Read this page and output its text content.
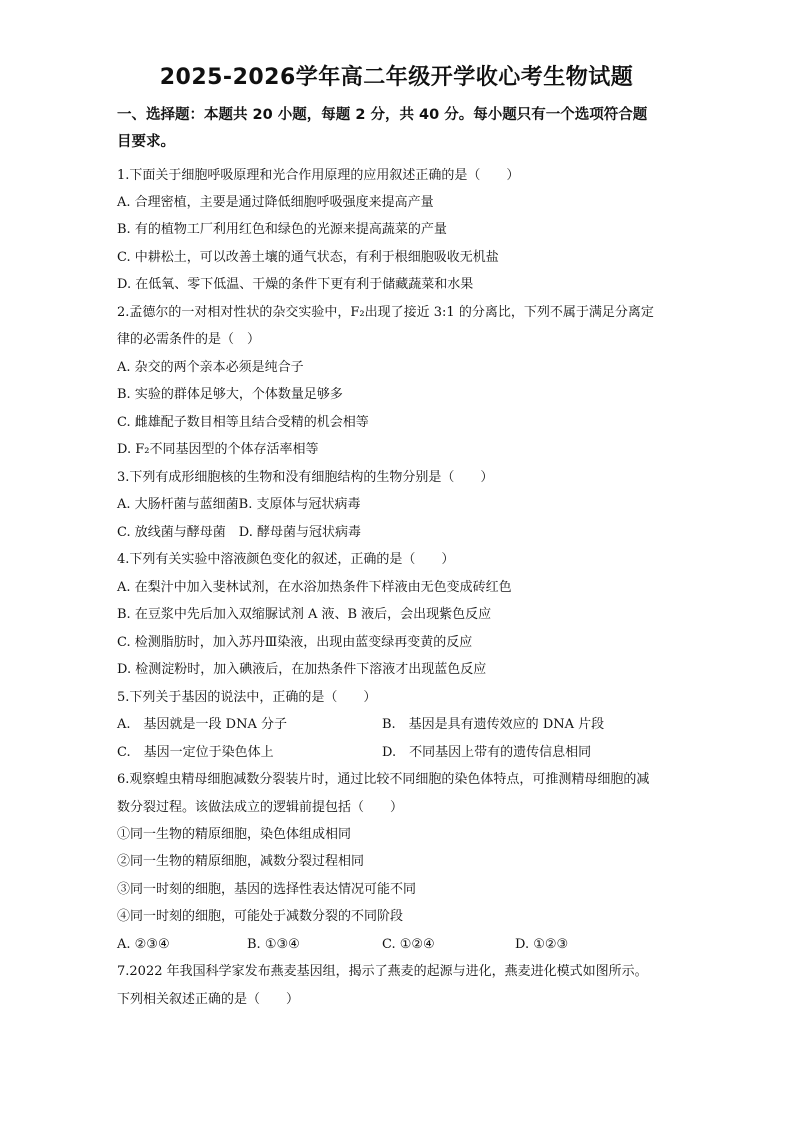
2025-2026学年高二年级开学收心考生物试题
一、选择题：本题共 20 小题，每题 2 分，共 40 分。每小题只有一个选项符合题
目要求。
1.下面关于细胞呼吸原理和光合作用原理的应用叙述正确的是（　　）
A. 合理密植，主要是通过降低细胞呼吸强度来提高产量
B. 有的植物工厂利用红色和绿色的光源来提高蔬菜的产量
C. 中耕松土，可以改善土壤的通气状态，有利于根细胞吸收无机盐
D. 在低氧、零下低温、干燥的条件下更有利于储藏蔬菜和水果
2.孟德尔的一对相对性状的杂交实验中，F₂出现了接近 3:1 的分离比，下列不属于满足分离定
律的必需条件的是（　）
A. 杂交的两个亲本必须是纯合子
B. 实验的群体足够大，个体数量足够多
C. 雌雄配子数目相等且结合受精的机会相等
D. F₂不同基因型的个体存活率相等
3.下列有成形细胞核的生物和没有细胞结构的生物分别是（　　）
A. 大肠杆菌与蓝细菌B. 支原体与冠状病毒
C. 放线菌与酵母菌　D. 酵母菌与冠状病毒
4.下列有关实验中溶液颜色变化的叙述，正确的是（　　）
A. 在梨汁中加入斐林试剂，在水浴加热条件下样液由无色变成砖红色
B. 在豆浆中先后加入双缩脲试剂 A 液、B 液后，会出现紫色反应
C. 检测脂肪时，加入苏丹Ⅲ染液，出现由蓝变绿再变黄的反应
D. 检测淀粉时，加入碘液后，在加热条件下溶液才出现蓝色反应
5.下列关于基因的说法中，正确的是（　　）
A.　基因就是一段 DNA 分子	B.　基因是具有遗传效应的 DNA 片段
C.　基因一定位于染色体上	D.　不同基因上带有的遗传信息相同
6.观察蝗虫精母细胞减数分裂装片时，通过比较不同细胞的染色体特点，可推测精母细胞的减
数分裂过程。该做法成立的逻辑前提包括（　　）
①同一生物的精原细胞，染色体组成相同
②同一生物的精原细胞，减数分裂过程相同
③同一时刻的细胞，基因的选择性表达情况可能不同
④同一时刻的细胞，可能处于减数分裂的不同阶段
A. ②③④	B. ①③④	C. ①②④	D. ①②③
7.2022 年我国科学家发布燕麦基因组，揭示了燕麦的起源与进化，燕麦进化模式如图所示。
下列相关叙述正确的是（　　）
